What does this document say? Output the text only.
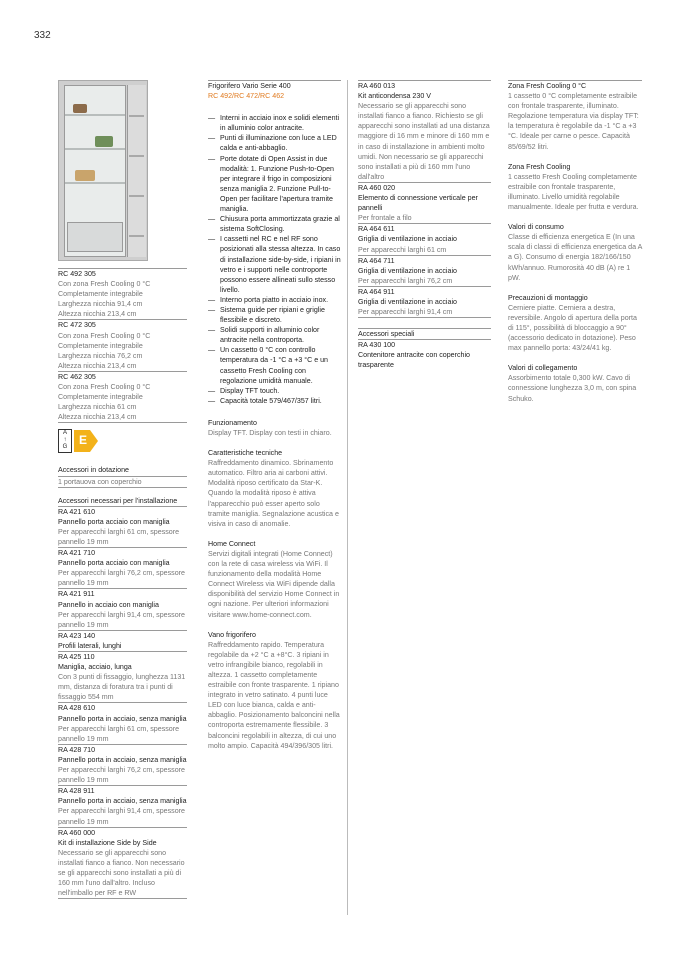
332

RC 492 305

Con zona Fresh Cooling 0 °C

Completamente integrabile

Larghezza nicchia 91,4 cm

Altezza nicchia 213,4 cm

RC 472 305

Con zona Fresh Cooling 0 °C

Completamente integrabile

Larghezza nicchia 76,2 cm

Altezza nicchia 213,4 cm

RC 462 305

Con zona Fresh Cooling 0 °C

Completamente integrabile

Larghezza nicchia 61 cm

Altezza nicchia 213,4 cm

A
↑
G E

Accessori in dotazione

1 portauova con coperchio

Accessori necessari per l'installazione

RA 421 610

Pannello porta acciaio con maniglia

Per apparecchi larghi 61 cm, spessore pannello 19 mm

RA 421 710

Pannello porta acciaio con maniglia

Per apparecchi larghi 76,2 cm, spessore pannello 19 mm

RA 421 911

Pannello in acciaio con maniglia

Per apparecchi larghi 91,4 cm, spessore pannello 19 mm

RA 423 140

Profili laterali, lunghi

RA 425 110

Maniglia, acciaio, lunga

Con 3 punti di fissaggio, lunghezza 1131 mm, distanza di foratura tra i punti di fissaggio 554 mm

RA 428 610

Pannello porta in acciaio, senza maniglia

Per apparecchi larghi 61 cm, spessore pannello 19 mm

RA 428 710

Pannello porta in acciaio, senza maniglia

Per apparecchi larghi 76,2 cm, spessore pannello 19 mm

RA 428 911

Pannello porta in acciaio, senza maniglia

Per apparecchi larghi 91,4 cm, spessore pannello 19 mm

RA 460 000

Kit di installazione Side by Side

Necessario se gli apparecchi sono installati fianco a fianco. Non necessario se gli apparecchi sono installati a più di 160 mm l'uno dall'altro. Incluso nell'imballo per RF e RW

Frigorifero Vario Serie 400

RC 492/RC 472/RC 462

— Interni in acciaio inox e solidi elementi in alluminio color antracite.
— Punti di illuminazione con luce a LED calda e anti-abbaglio.
— Porte dotate di Open Assist in due modalità: 1. Funzione Push-to-Open per integrare il frigo in composizioni senza maniglia 2. Funzione Pull-to-Open per facilitare l'apertura tramite maniglia.
— Chiusura porta ammortizzata grazie al sistema SoftClosing.
— I cassetti nel RC e nel RF sono posizionati alla stessa altezza. In caso di installazione side-by-side, i ripiani in vetro e i supporti nelle controporte possono essere allineati sullo stesso livello.
— Interno porta piatto in acciaio inox.
— Sistema guide per ripiani e griglie flessibile e discreto.
— Solidi supporti in alluminio color antracite nella controporta.
— Un cassetto 0 °C con controllo temperatura da -1 °C a +3 °C e un cassetto Fresh Cooling con regolazione umidità manuale.
— Display TFT touch.
— Capacità totale 579/467/357 litri.

Funzionamento

Display TFT. Display con testi in chiaro.

Caratteristiche tecniche

Raffreddamento dinamico. Sbrinamento automatico. Filtro aria ai carboni attivi. Modalità riposo certificato da Star-K. Quando la modalità riposo è attiva l'apparecchio può esser aperto solo tramite maniglia. Segnalazione acustica e visiva in caso di anomalie.

Home Connect

Servizi digitali integrati (Home Connect) con la rete di casa wireless via WiFi. Il funzionamento della modalità Home Connect Wireless via WiFi dipende dalla disponibilità del servizio Home Connect in ogni nazione. Per ulteriori informazioni visitare www.home-connect.com.

Vano frigorifero

Raffreddamento rapido. Temperatura regolabile da +2 °C a +8°C. 3 ripiani in vetro infrangibile bianco, regolabili in altezza. 1 cassetto completamente estraibile con fronte trasparente. 1 ripiano integrato in vetro satinato. 4 punti luce LED con luce bianca, calda e anti-abbaglio. Posizionamento balconcini nella controporta estremamente flessibile. 3 balconcini regolabili in altezza, di cui uno molto ampio. Capacità 494/396/305 litri.

RA 460 013

Kit anticondensa 230 V

Necessario se gli apparecchi sono installati fianco a fianco. Richiesto se gli apparecchi sono installati ad una distanza maggiore di 16 mm e minore di 160 mm e in caso di installazione in ambienti molto umidi. Non necessario se gli apparecchi sono installati a più di 160 mm l'uno dall'altro

RA 460 020

Elemento di connessione verticale per pannelli

Per frontale a filo

RA 464 611

Griglia di ventilazione in acciaio

Per apparecchi larghi 61 cm

RA 464 711

Griglia di ventilazione in acciaio

Per apparecchi larghi 76,2 cm

RA 464 911

Griglia di ventilazione in acciaio

Per apparecchi larghi 91,4 cm

Accessori speciali

RA 430 100

Contenitore antracite con coperchio trasparente

Zona Fresh Cooling 0 °C

1 cassetto 0 °C completamente estraibile con frontale trasparente, illuminato. Regolazione temperatura via display TFT: la temperatura è regolabile da -1 °C a +3 °C. Ideale per carne o pesce. Capacità 85/69/52 litri.

Zona Fresh Cooling

1 cassetto Fresh Cooling completamente estraibile con frontale trasparente, illuminato. Livello umidità regolabile manualmente. Ideale per frutta e verdura.

Valori di consumo

Classe di efficienza energetica E (In una scala di classi di efficienza energetica da A a G). Consumo di energia 182/166/150 kWh/annuo. Rumorosità 40 dB (A) re 1 pW.

Precauzioni di montaggio

Cerniere piatte. Cerniera a destra, reversibile. Angolo di apertura della porta di 115°, possibilità di bloccaggio a 90° (accessorio dedicato in dotazione). Peso max pannello porta: 43/24/41 kg.

Valori di collegamento

Assorbimento totale 0,300 kW. Cavo di connessione lunghezza 3,0 m, con spina Schuko.
